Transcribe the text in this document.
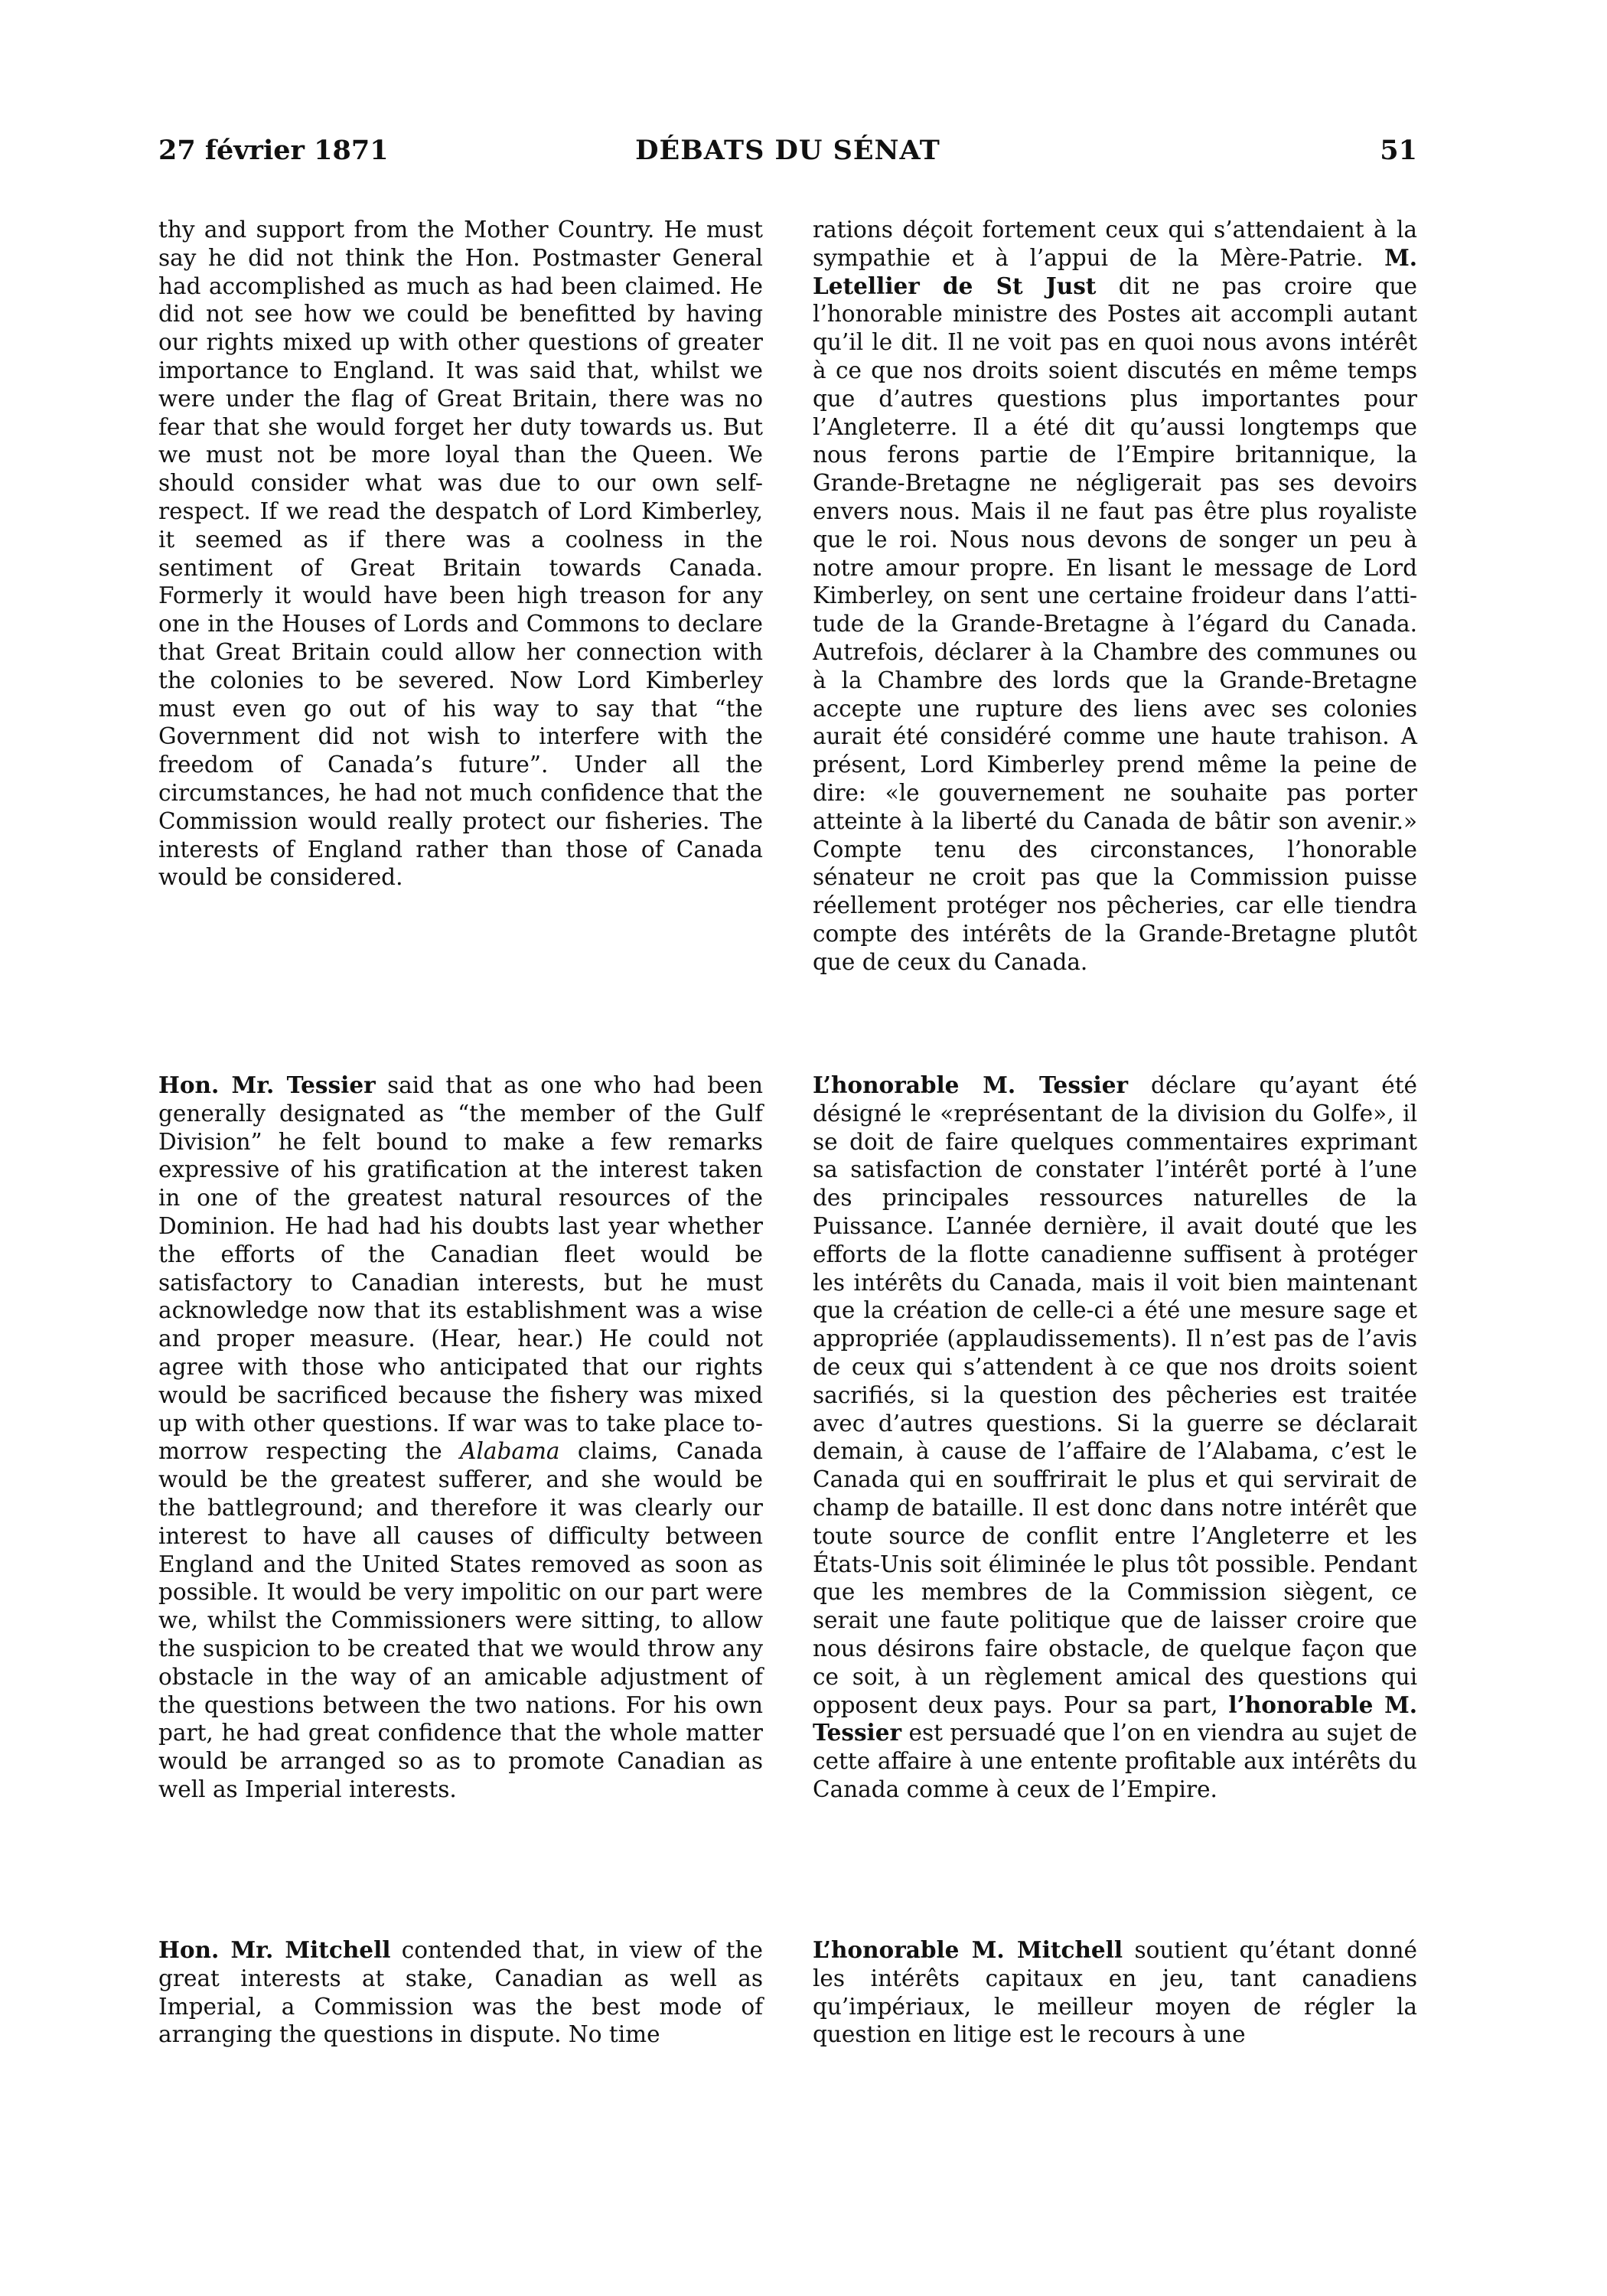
27 février 1871	DÉBATS DU SÉNAT	51

thy and support from the Mother Country. He must say he did not think the Hon. Postmaster General had accomplished as much as had been claimed. He did not see how we could be benefitted by having our rights mixed up with other questions of greater importance to England. It was said that, whilst we were under the flag of Great Britain, there was no fear that she would forget her duty towards us. But we must not be more loyal than the Queen. We should consider what was due to our own self-respect. If we read the despatch of Lord Kimberley, it seemed as if there was a coolness in the sentiment of Great Britain towards Canada. Formerly it would have been high treason for any one in the Houses of Lords and Commons to declare that Great Britain could allow her connection with the colonies to be severed. Now Lord Kimberley must even go out of his way to say that “the Government did not wish to interfere with the freedom of Canada’s future”. Under all the circumstances, he had not much confidence that the Commission would really protect our fisheries. The interests of England rather than those of Canada would be considered.

Hon. Mr. Tessier said that as one who had been generally designated as “the member of the Gulf Division” he felt bound to make a few remarks expressive of his gratification at the interest taken in one of the greatest natural resources of the Dominion. He had had his doubts last year whether the efforts of the Canadian fleet would be satisfactory to Canadian interests, but he must acknowledge now that its establishment was a wise and proper measure. (Hear, hear.) He could not agree with those who anticipated that our rights would be sacrificed because the fishery was mixed up with other questions. If war was to take place to-morrow respecting the Alabama claims, Canada would be the greatest sufferer, and she would be the battleground; and therefore it was clearly our interest to have all causes of difficulty between England and the United States removed as soon as possible. It would be very impolitic on our part were we, whilst the Commissioners were sitting, to allow the suspicion to be created that we would throw any obstacle in the way of an amicable adjustment of the questions between the two nations. For his own part, he had great confidence that the whole matter would be arranged so as to promote Canadian as well as Imperial interests.

Hon. Mr. Mitchell contended that, in view of the great interests at stake, Canadian as well as Imperial, a Commission was the best mode of arranging the questions in dispute. No time

rations déçoit fortement ceux qui s’attendaient à la sympathie et à l’appui de la Mère-Patrie. M. Letellier de St Just dit ne pas croire que l’honorable ministre des Postes ait accompli autant qu’il le dit. Il ne voit pas en quoi nous avons intérêt à ce que nos droits soient discutés en même temps que d’autres questions plus importantes pour l’Angleterre. Il a été dit qu’aussi longtemps que nous ferons partie de l’Empire britannique, la Grande-Bretagne ne négligerait pas ses devoirs envers nous. Mais il ne faut pas être plus royaliste que le roi. Nous nous devons de songer un peu à notre amour propre. En lisant le message de Lord Kimberley, on sent une certaine froideur dans l’attitude de la Grande-Bretagne à l’égard du Canada. Autrefois, déclarer à la Chambre des communes ou à la Chambre des lords que la Grande-Bretagne accepte une rupture des liens avec ses colonies aurait été considéré comme une haute trahison. A présent, Lord Kimberley prend même la peine de dire: «le gouvernement ne souhaite pas porter atteinte à la liberté du Canada de bâtir son avenir.» Compte tenu des circonstances, l’honorable sénateur ne croit pas que la Commission puisse réellement protéger nos pêcheries, car elle tiendra compte des intérêts de la Grande-Bretagne plutôt que de ceux du Canada.

L’honorable M. Tessier déclare qu’ayant été désigné le «représentant de la division du Golfe», il se doit de faire quelques commentaires exprimant sa satisfaction de constater l’intérêt porté à l’une des principales ressources naturelles de la Puissance. L’année dernière, il avait douté que les efforts de la flotte canadienne suffisent à protéger les intérêts du Canada, mais il voit bien maintenant que la création de celle-ci a été une mesure sage et appropriée (applaudissements). Il n’est pas de l’avis de ceux qui s’attendent à ce que nos droits soient sacrifiés, si la question des pêcheries est traitée avec d’autres questions. Si la guerre se déclarait demain, à cause de l’affaire de l’Alabama, c’est le Canada qui en souffrirait le plus et qui servirait de champ de bataille. Il est donc dans notre intérêt que toute source de conflit entre l’Angleterre et les États-Unis soit éliminée le plus tôt possible. Pendant que les membres de la Commission siègent, ce serait une faute politique que de laisser croire que nous désirons faire obstacle, de quelque façon que ce soit, à un règlement amical des questions qui opposent deux pays. Pour sa part, l’honorable M. Tessier est persuadé que l’on en viendra au sujet de cette affaire à une entente profitable aux intérêts du Canada comme à ceux de l’Empire.

L’honorable M. Mitchell soutient qu’étant donné les intérêts capitaux en jeu, tant canadiens qu’impériaux, le meilleur moyen de régler la question en litige est le recours à une
